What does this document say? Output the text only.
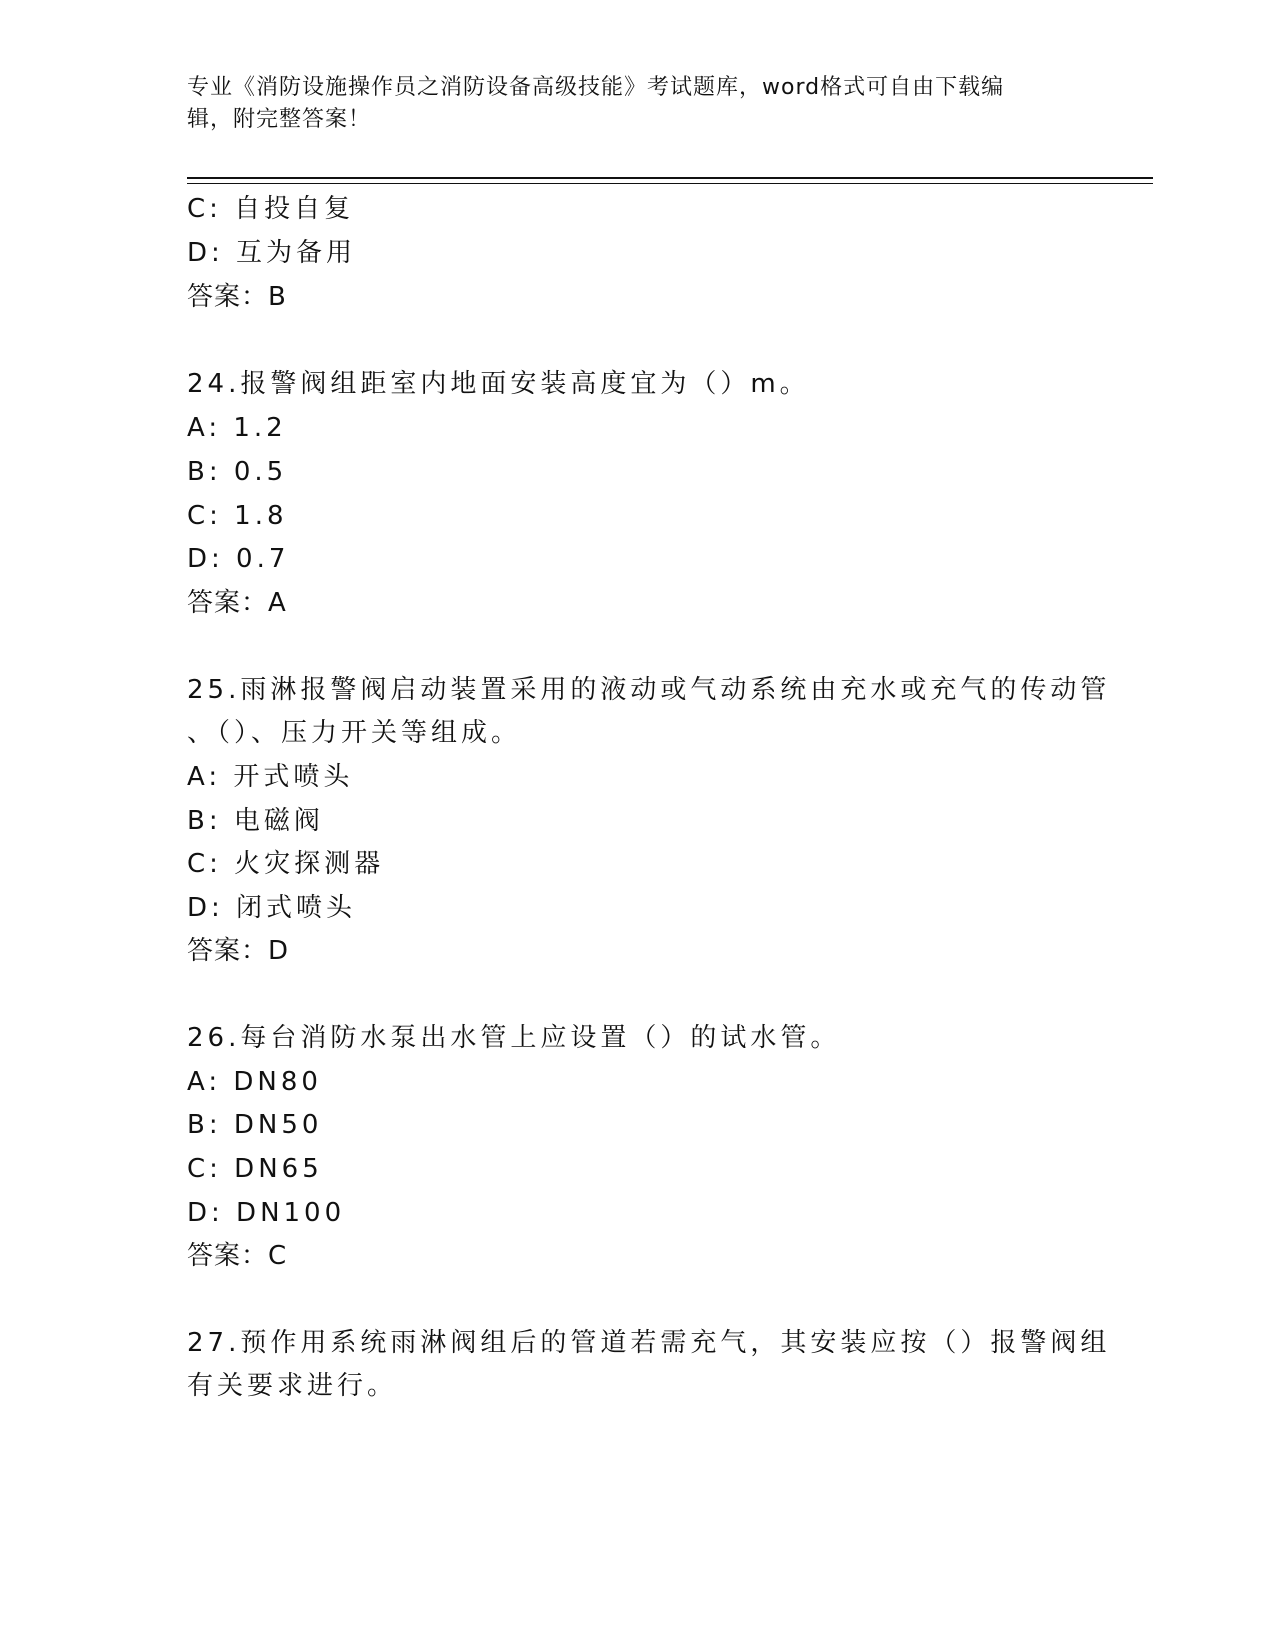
专业《消防设施操作员之消防设备高级技能》考试题库，word格式可自由下载编
辑，附完整答案！
C: 自投自复
D: 互为备用
答案：B
24.报警阀组距室内地面安装高度宜为（）m。
A: 1.2
B: 0.5
C: 1.8
D: 0.7
答案：A
25.雨淋报警阀启动装置采用的液动或气动系统由充水或充气的传动管
、（）、压力开关等组成。
A: 开式喷头
B: 电磁阀
C: 火灾探测器
D: 闭式喷头
答案：D
26.每台消防水泵出水管上应设置（）的试水管。
A: DN80
B: DN50
C: DN65
D: DN100
答案：C
27.预作用系统雨淋阀组后的管道若需充气，其安装应按（）报警阀组
有关要求进行。
